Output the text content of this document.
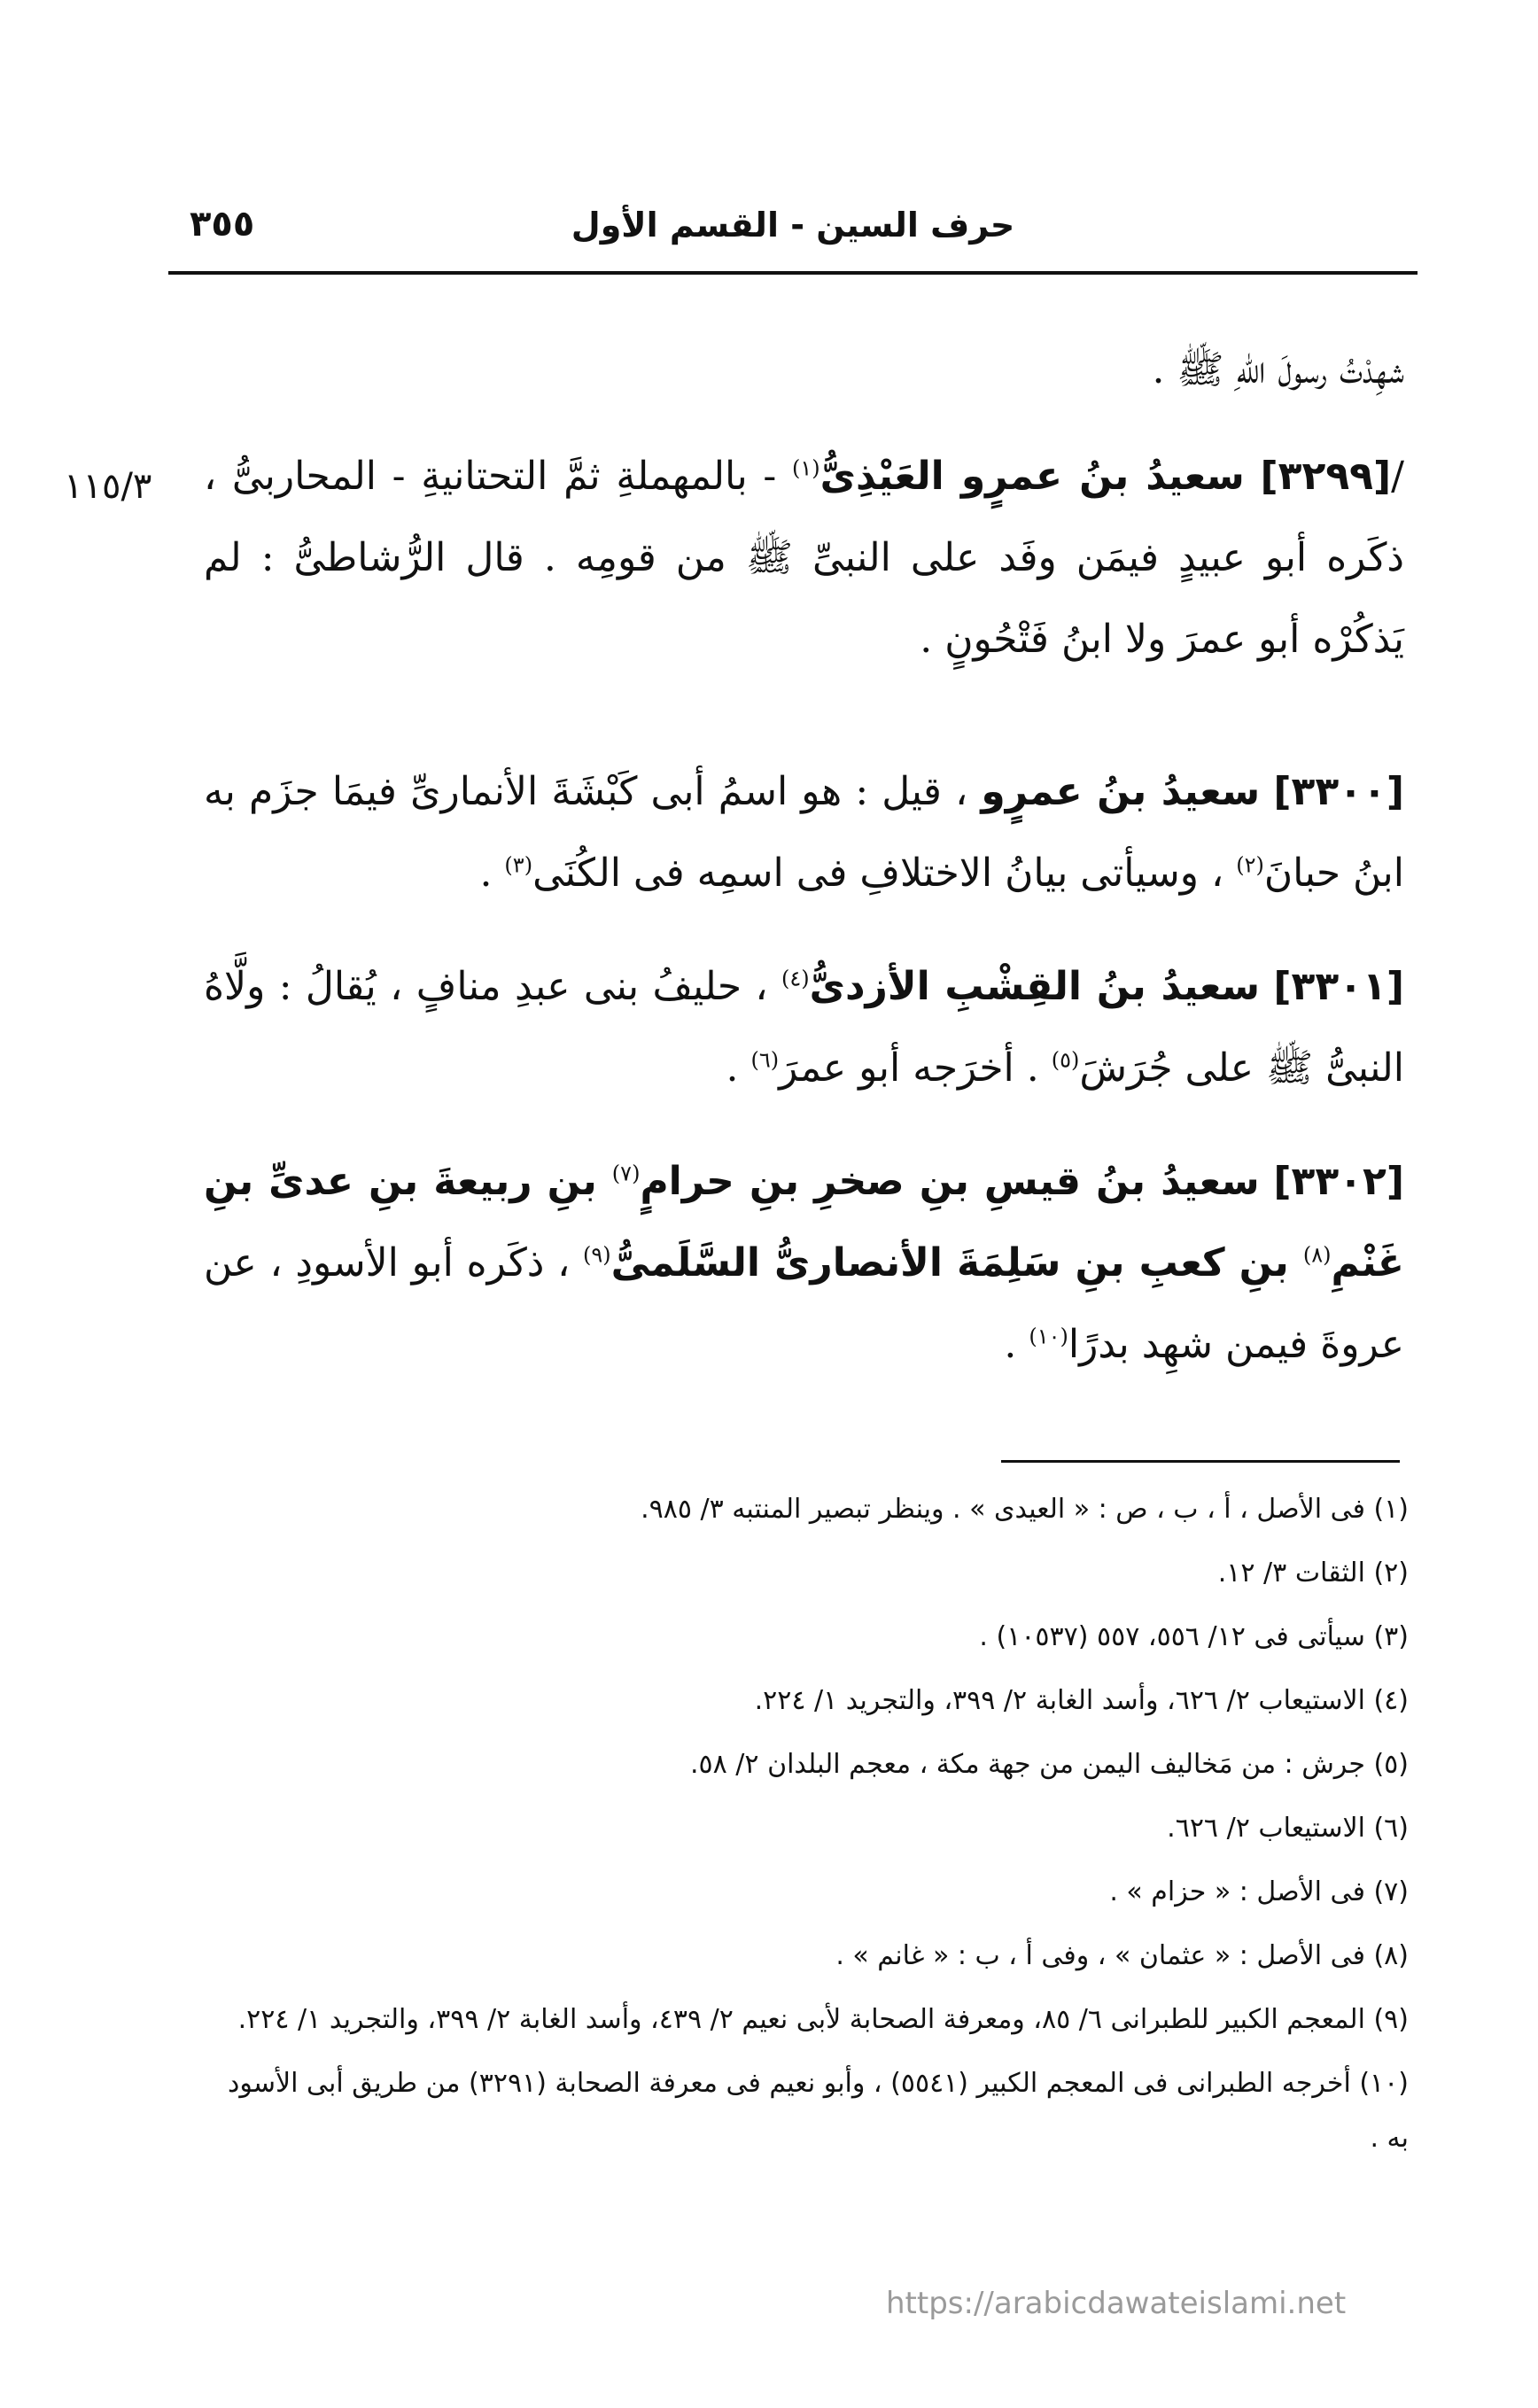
حرف السين - القسم الأول
٣٥٥
١١٥/٣
شهِدْتُ رسولَ اللّهِ ﷺ .
/[٣٢٩٩] سعيدُ بنُ عمرٍو العَيْذِىُّ$^{(١)}$ - بالمهملةِ ثمَّ التحتانيةِ - المحاربىُّ ، ذكَره أبو عبيدٍ فيمَن وفَد على النبىِّ ﷺ من قومِه . قال الرُّشاطىُّ : لم يَذكُرْه أبو عمرَ ولا ابنُ فَتْحُونٍ .
[٣٣٠٠] سعيدُ بنُ عمرٍو ، قيل : هو اسمُ أبى كَبْشَةَ الأنمارىِّ فيمَا جزَم به ابنُ حبانَ$^{(٢)}$ ، وسيأتى بيانُ الاختلافِ فى اسمِه فى الكُنَى$^{(٣)}$ .
[٣٣٠١] سعيدُ بنُ القِشْبِ الأزدىُّ$^{(٤)}$ ، حليفُ بنى عبدِ منافٍ ، يُقالُ : ولَّاهُ النبىُّ ﷺ على جُرَشَ$^{(٥)}$ . أخرَجه أبو عمرَ$^{(٦)}$ .
[٣٣٠٢] سعيدُ بنُ قيسِ بنِ صخرِ بنِ حرامٍ$^{(٧)}$ بنِ ربيعةَ بنِ عدىِّ بنِ غَنْمِ$^{(٨)}$ بنِ كعبِ بنِ سَلِمَةَ الأنصارىُّ السَّلَمىُّ$^{(٩)}$ ، ذكَره أبو الأسودِ ، عن عروةَ فيمن شهِد بدرًا$^{(١٠)}$ .
(١) فى الأصل ، أ ، ب ، ص : « العيدى » . وينظر تبصير المنتبه ٣/ ٩٨٥.
(٢) الثقات ٣/ ١٢.
(٣) سيأتى فى ١٢/ ٥٥٦، ٥٥٧ (١٠٥٣٧) .
(٤) الاستيعاب ٢/ ٦٢٦، وأسد الغابة ٢/ ٣٩٩، والتجريد ١/ ٢٢٤.
(٥) جرش : من مَخاليف اليمن من جهة مكة ، معجم البلدان ٢/ ٥٨.
(٦) الاستيعاب ٢/ ٦٢٦.
(٧) فى الأصل : « حزام » .
(٨) فى الأصل : « عثمان » ، وفى أ ، ب : « غانم » .
(٩) المعجم الكبير للطبرانى ٦/ ٨٥، ومعرفة الصحابة لأبى نعيم ٢/ ٤٣٩، وأسد الغابة ٢/ ٣٩٩، والتجريد ١/ ٢٢٤.
(١٠) أخرجه الطبرانى فى المعجم الكبير (٥٥٤١) ، وأبو نعيم فى معرفة الصحابة (٣٢٩١) من طريق أبى الأسود به .
https://arabicdawateislami.net
